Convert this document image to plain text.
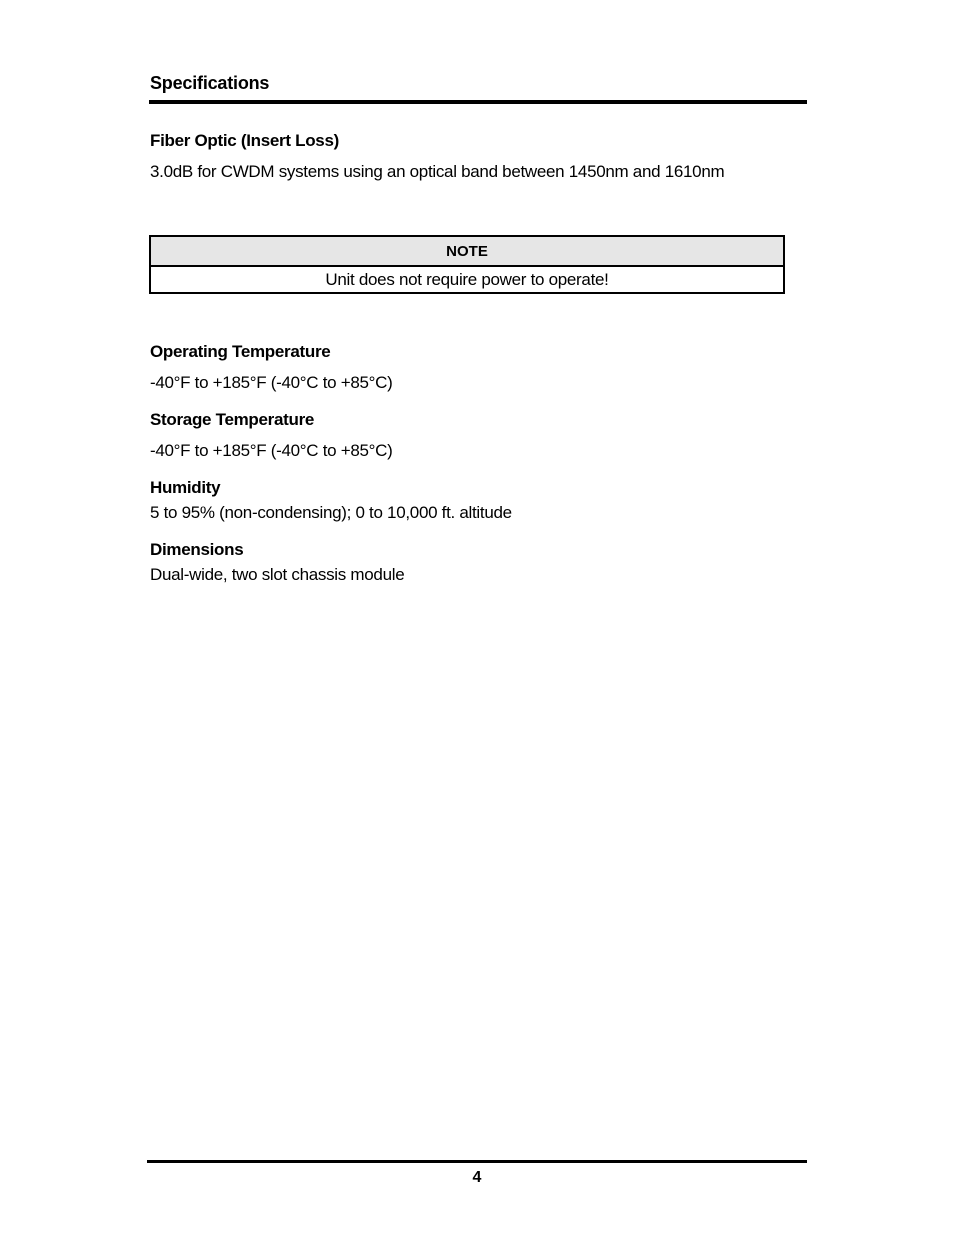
Specifications
Fiber Optic (Insert Loss)
3.0dB for CWDM systems using an optical band between 1450nm and 1610nm
NOTE
Unit does not require power to operate!
Operating Temperature
-40°F to +185°F (-40°C to +85°C)
Storage Temperature
-40°F to +185°F (-40°C to +85°C)
Humidity
5 to 95% (non-condensing); 0 to 10,000 ft. altitude
Dimensions
Dual-wide, two slot chassis module
4
